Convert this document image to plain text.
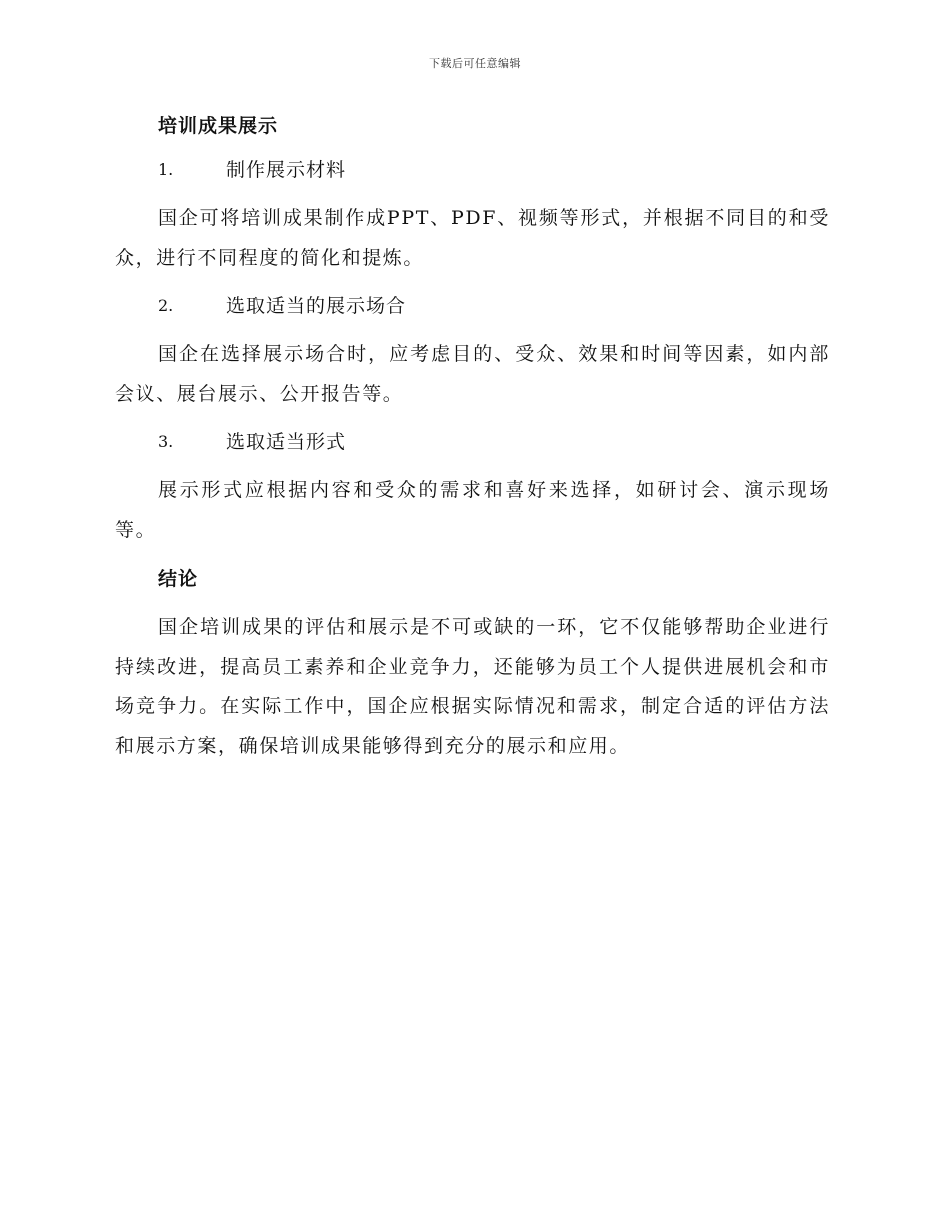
下载后可任意编辑
培训成果展示
1.	制作展示材料

国企可将培训成果制作成PPT、PDF、视频等形式，并根据不同目的和受众，进行不同程度的简化和提炼。

2.	选取适当的展示场合

国企在选择展示场合时，应考虑目的、受众、效果和时间等因素，如内部会议、展台展示、公开报告等。

3.	选取适当形式

展示形式应根据内容和受众的需求和喜好来选择，如研讨会、演示现场等。

结论

国企培训成果的评估和展示是不可或缺的一环，它不仅能够帮助企业进行持续改进，提高员工素养和企业竞争力，还能够为员工个人提供进展机会和市场竞争力。在实际工作中，国企应根据实际情况和需求，制定合适的评估方法和展示方案，确保培训成果能够得到充分的展示和应用。
